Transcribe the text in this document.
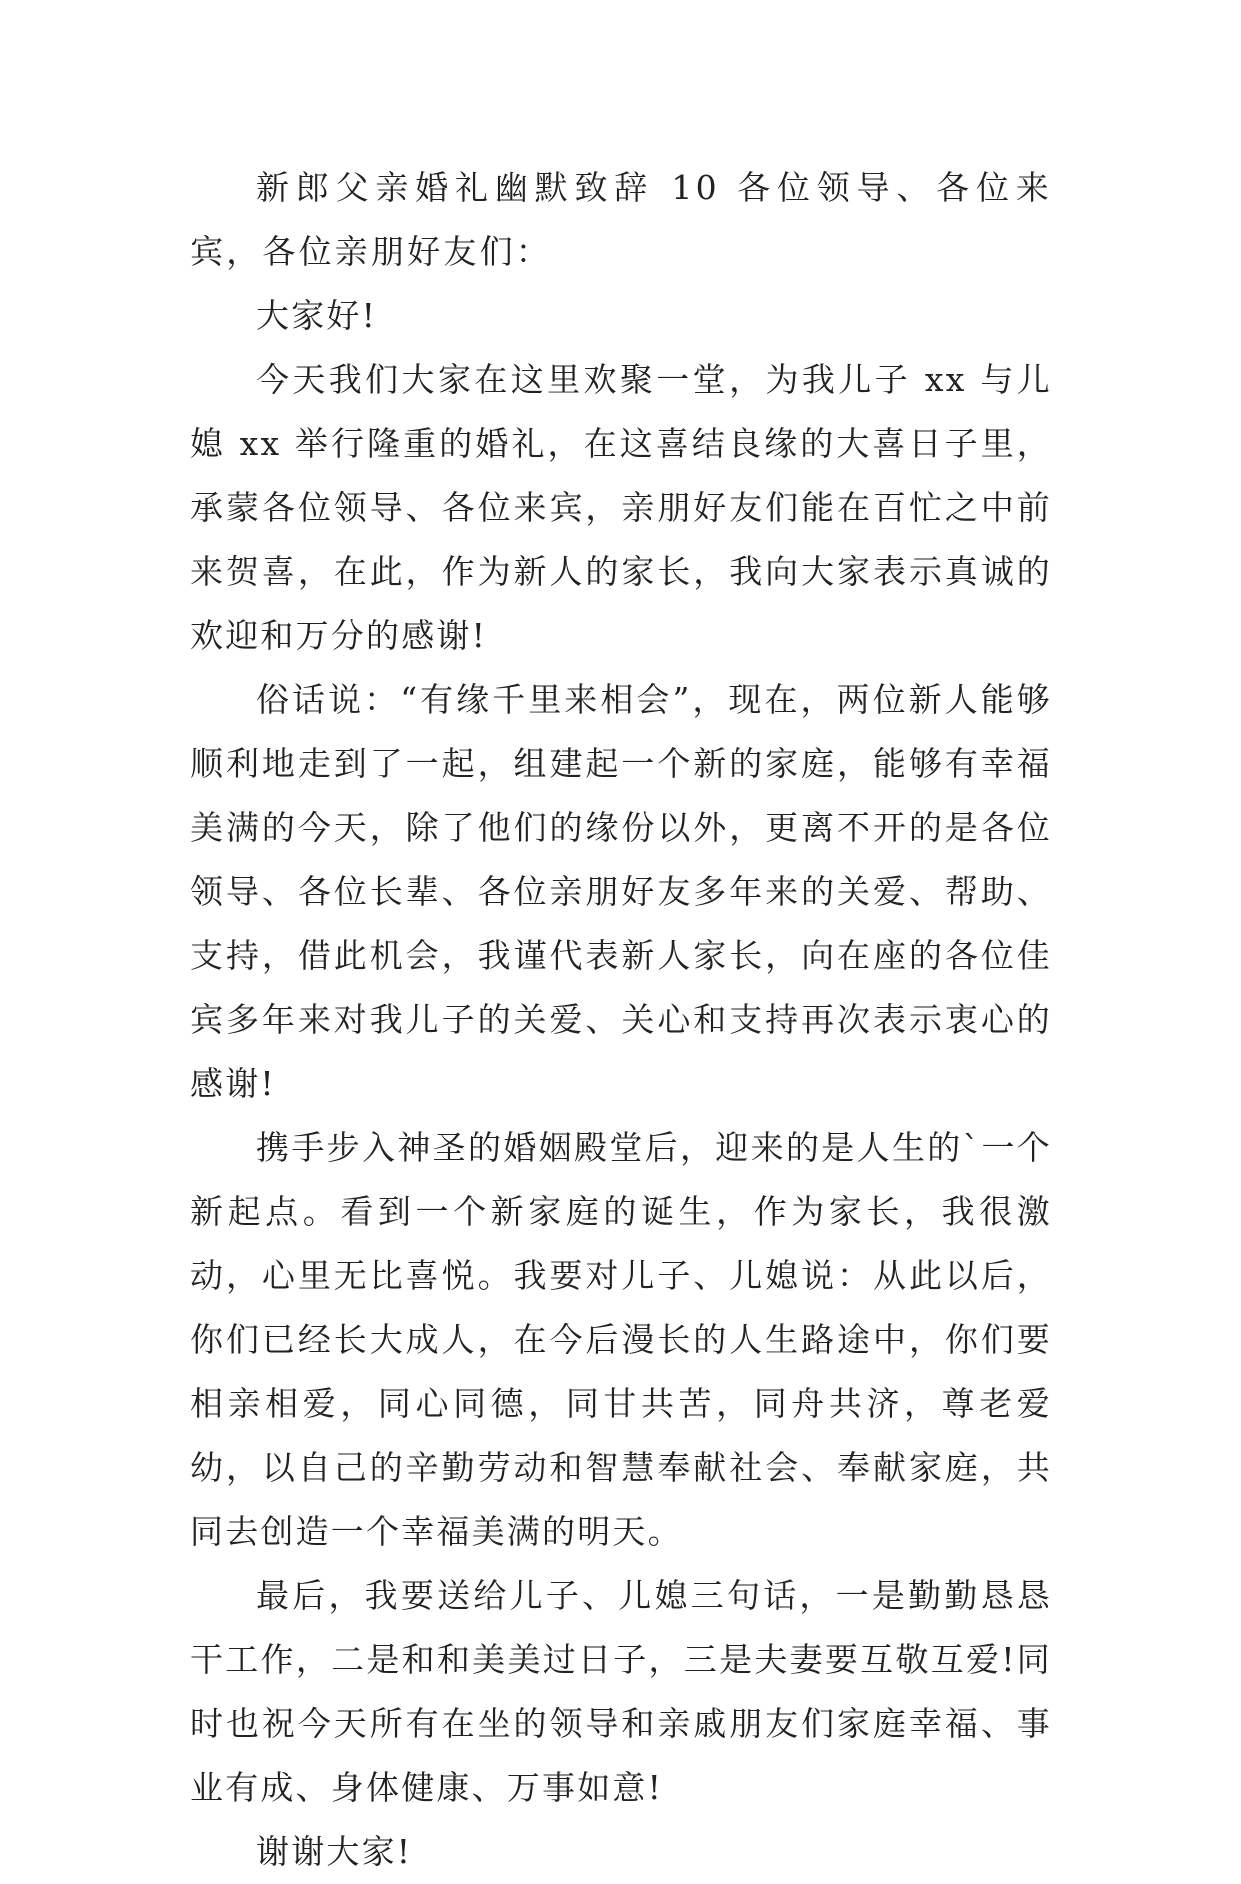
新郎父亲婚礼幽默致辞 10 各位领导、各位来宾，各位亲朋好友们：

大家好!

今天我们大家在这里欢聚一堂，为我儿子 xx 与儿媳 xx 举行隆重的婚礼，在这喜结良缘的大喜日子里，承蒙各位领导、各位来宾，亲朋好友们能在百忙之中前来贺喜，在此，作为新人的家长，我向大家表示真诚的欢迎和万分的感谢!

俗话说：“有缘千里来相会”，现在，两位新人能够顺利地走到了一起，组建起一个新的家庭，能够有幸福美满的今天，除了他们的缘份以外，更离不开的是各位领导、各位长辈、各位亲朋好友多年来的关爱、帮助、支持，借此机会，我谨代表新人家长，向在座的各位佳宾多年来对我儿子的关爱、关心和支持再次表示衷心的感谢!

携手步入神圣的婚姻殿堂后，迎来的是人生的`一个新起点。看到一个新家庭的诞生，作为家长，我很激动，心里无比喜悦。我要对儿子、儿媳说：从此以后，你们已经长大成人，在今后漫长的人生路途中，你们要相亲相爱，同心同德，同甘共苦，同舟共济，尊老爱幼，以自己的辛勤劳动和智慧奉献社会、奉献家庭，共同去创造一个幸福美满的明天。

最后，我要送给儿子、儿媳三句话，一是勤勤恳恳干工作，二是和和美美过日子，三是夫妻要互敬互爱!同时也祝今天所有在坐的领导和亲戚朋友们家庭幸福、事业有成、身体健康、万事如意!

谢谢大家!
